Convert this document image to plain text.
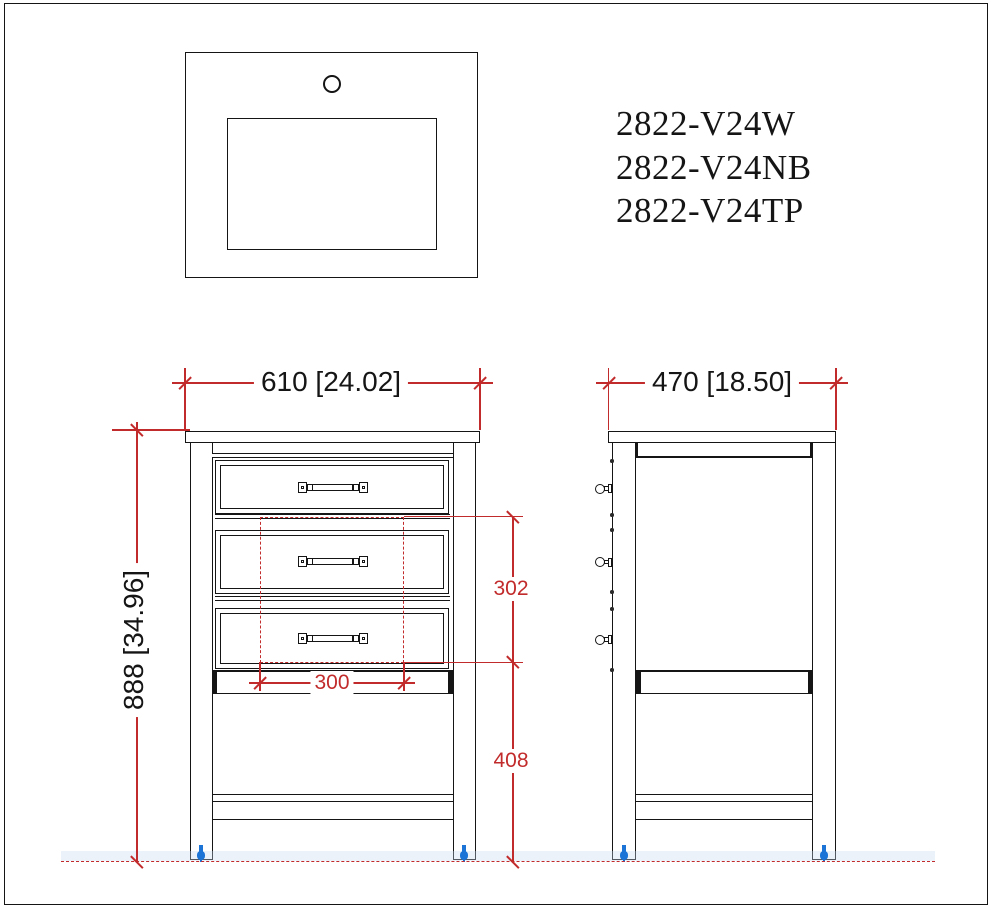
2822-V24W
2822-V24NB
2822-V24TP
610 [24.02]	470 [18.50]
888 [34.96]	302
408
300
